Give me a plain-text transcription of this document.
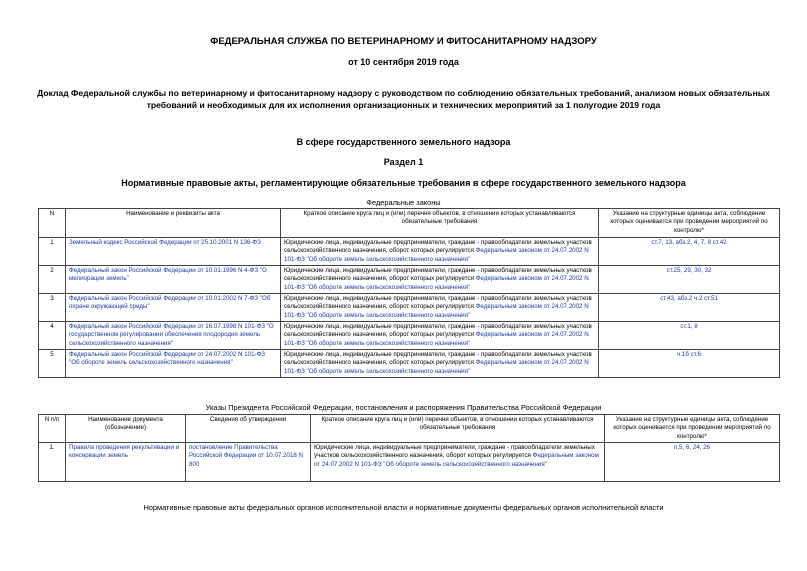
ФЕДЕРАЛЬНАЯ СЛУЖБА ПО ВЕТЕРИНАРНОМУ И ФИТОСАНИТАРНОМУ НАДЗОРУ
от 10 сентября 2019 года
Доклад Федеральной службы по ветеринарному и фитосанитарному надзору с руководством по соблюдению обязательных требований, анализом новых обязательных требований и необходимых для их исполнения организационных и технических мероприятий за 1 полугодие 2019 года
В сфере государственного земельного надзора
Раздел 1
Нормативные правовые акты, регламентирующие обязательные требования в сфере государственного земельного надзора
Федеральные законы
N	Наименование и реквизиты акта	Краткое описание круга лиц и (или) перечня объектов, в отношении которых устанавливаются обязательные требования	Указание на структурные единицы акта, соблюдение которых оценивается при проведении мероприятий по контролю*
1	Земельный кодекс Российской Федерации от 25.10.2001 N 136-ФЗ	Юридические лица, индивидуальные предприниматели, граждане - правообладатели земельных участков сельскохозяйственного назначения, оборот которых регулируется Федеральным законом от 24.07.2002 N 101-ФЗ "Об обороте земель сельскохозяйственного назначения"	ст.7, 13, абз.2, 4, 7, 8 ст.42
2	Федеральный закон Российской Федерации от 10.01.1996 N 4-ФЗ "О мелиорации земель"	Юридические лица, индивидуальные предприниматели, граждане - правообладатели земельных участков сельскохозяйственного назначения, оборот которых регулируется Федеральным законом от 24.07.2002 N 101-ФЗ "Об обороте земель сельскохозяйственного назначения"	ст.25, 29, 30, 32
3	Федеральный закон Российской Федерации от 10.01.2002 N 7-ФЗ "Об охране окружающей среды"	Юридические лица, индивидуальные предприниматели, граждане - правообладатели земельных участков сельскохозяйственного назначения, оборот которых регулируется Федеральным законом от 24.07.2002 N 101-ФЗ "Об обороте земель сельскохозяйственного назначения"	ст.43, абз.2 ч.2 ст.51
4	Федеральный закон Российской Федерации от 16.07.1998 N 101-ФЗ "О государственном регулировании обеспечения плодородия земель сельскохозяйственного назначения"	Юридические лица, индивидуальные предприниматели, граждане - правообладатели земельных участков сельскохозяйственного назначения, оборот которых регулируется Федеральным законом от 24.07.2002 N 101-ФЗ "Об обороте земель сельскохозяйственного назначения"	ст.1, 8
5	Федеральный закон Российской Федерации от 24.07.2002 N 101-ФЗ "Об обороте земель сельскохозяйственного назначения"	Юридические лица, индивидуальные предприниматели, граждане - правообладатели земельных участков сельскохозяйственного назначения, оборот которых регулируется Федеральным законом от 24.07.2002 N 101-ФЗ "Об обороте земель сельскохозяйственного назначения"	ч.1б ст.6
Указы Президента Российской Федерации, постановления и распоряжения Правительства Российской Федерации
N п/п	Наименование документа (обозначение)	Сведения об утверждении	Краткое описание круга лиц и (или) перечня объектов, в отношении которых устанавливаются обязательные требования	Указание на структурные единицы акта, соблюдение которых оценивается при проведении мероприятий по контролю*
1.	Правила проведения рекультивации и консервации земель	постановление Правительства Российской Федерации от 10.07.2018 N 800	Юридические лица, индивидуальные предприниматели, граждане - правообладатели земельных участков сельскохозяйственного назначения, оборот которых регулируется Федеральным законом от 24.07.2002 N 101-ФЗ "Об обороте земель сельскохозяйственного назначения"	п.5, 6, 24, 26
Нормативные правовые акты федеральных органов исполнительной власти и нормативные документы федеральных органов исполнительной власти
